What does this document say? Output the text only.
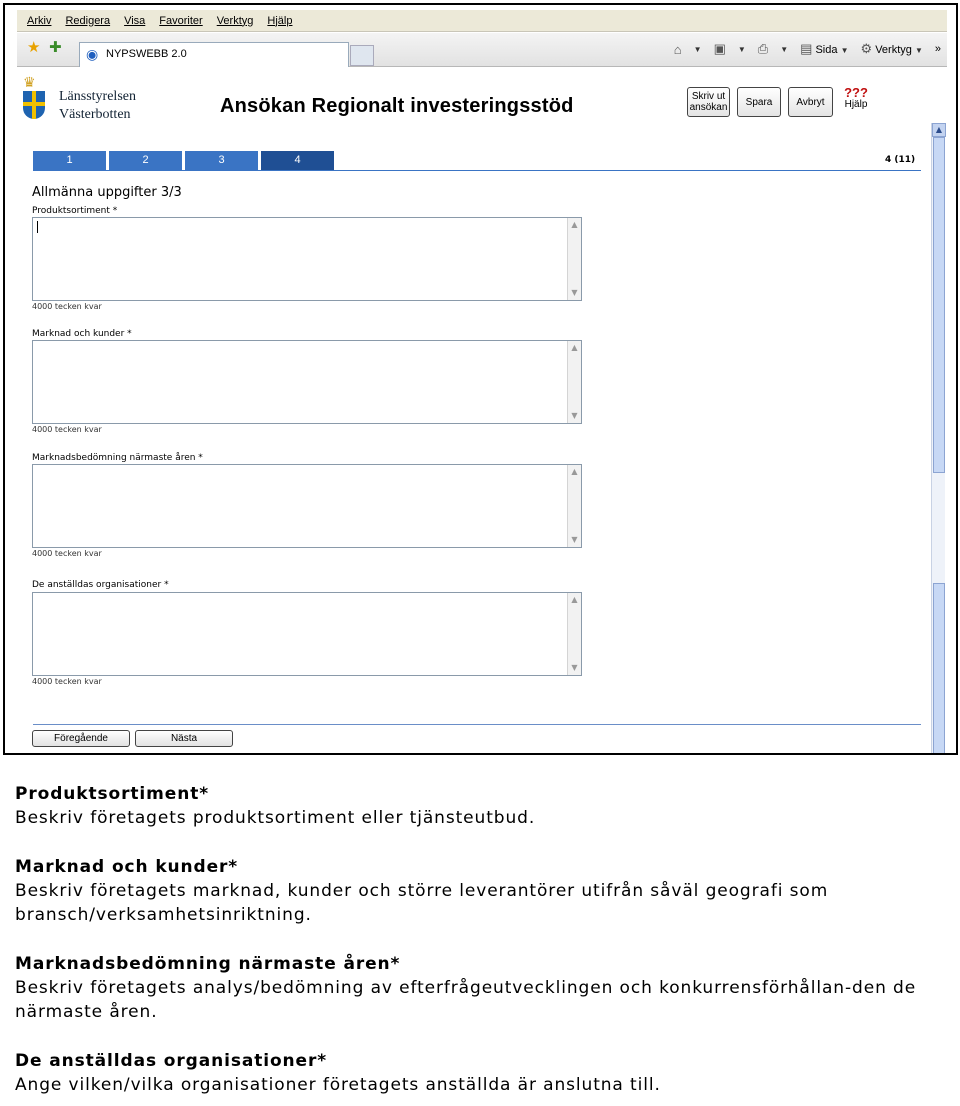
Arkiv Redigera Visa Favoriter Verktyg Hjälp
★ ✚ ◉ NYPSWEBB 2.0	⌂ ▼ ▣ ▼ ⎙ ▼ ▤ Sida ▼ ⚙ Verktyg ▼ »
♛
Länsstyrelsen
Västerbotten	Ansökan Regionalt investeringsstöd	Skriv ut ansökan	Spara	Avbryt
???
Hjälp
1	2	3	4	4 (11)
Allmänna uppgifter 3/3
Produktsortiment *
▲
▼
4000 tecken kvar
Marknad och kunder *
▲
▼
4000 tecken kvar
Marknadsbedömning närmaste åren *
▲
▼
4000 tecken kvar
De anställdas organisationer *
▲
▼
4000 tecken kvar
Föregående	Nästa
▲
Produktsortiment*
Beskriv företagets produktsortiment eller tjänsteutbud.
Marknad och kunder*
Beskriv företagets marknad, kunder och större leverantörer utifrån såväl geografi som bransch/verksamhetsinriktning.
Marknadsbedömning närmaste åren*
Beskriv företagets analys/bedömning av efterfrågeutvecklingen och konkurrensförhållan-den de närmaste åren.
De anställdas organisationer*
Ange vilken/vilka organisationer företagets anställda är anslutna till.
